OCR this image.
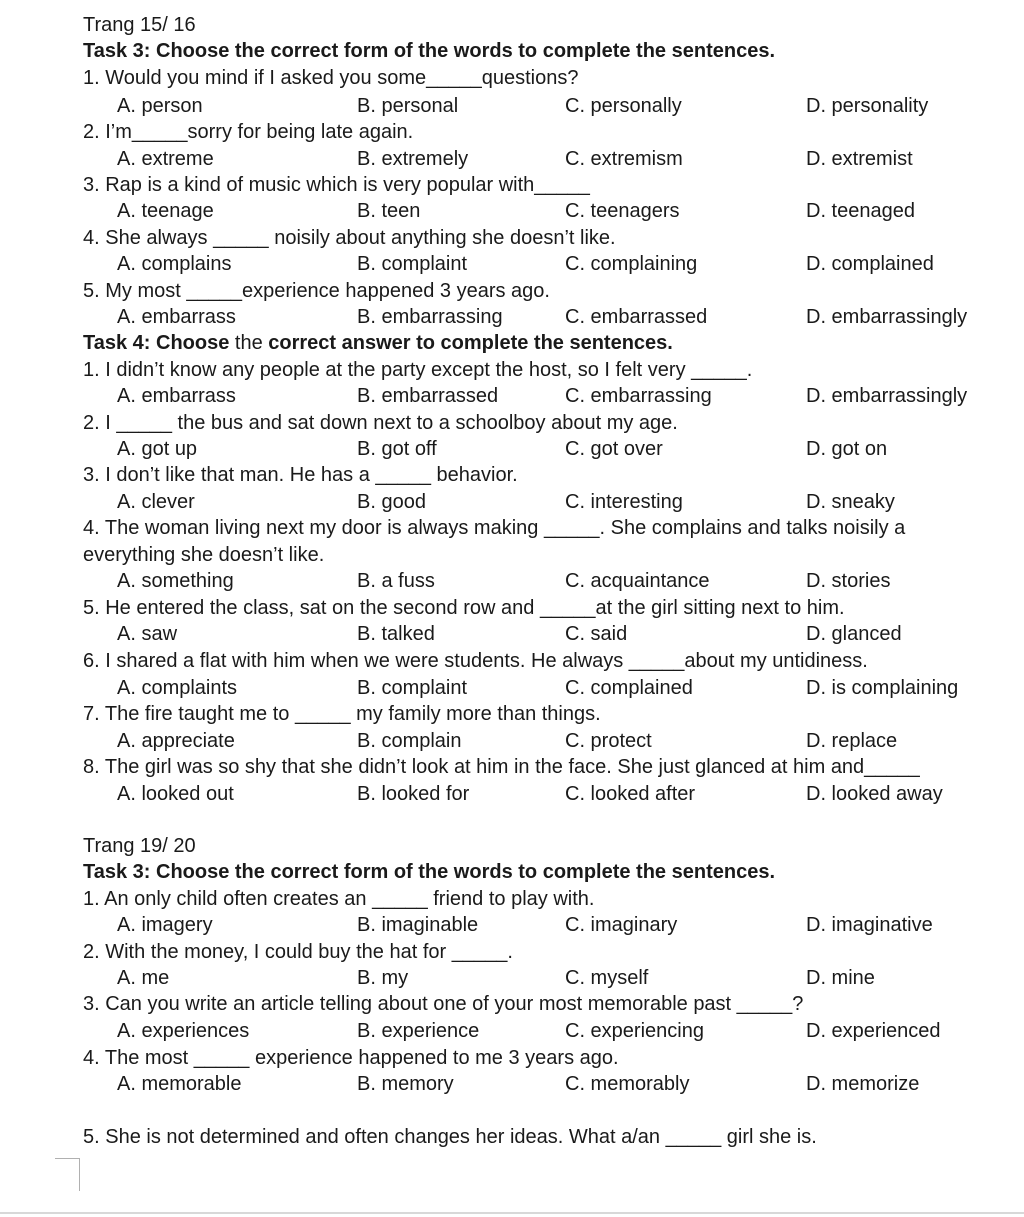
Trang 15/ 16
Task 3: Choose the correct form of the words to complete the sentences.
1. Would you mind if I asked you some_____questions?
A. person	B. personal	C. personally	D. personality
2. I’m_____sorry for being late again.
A. extreme	B. extremely	C. extremism	D. extremist
3. Rap is a kind of music which is very popular with_____
A. teenage	B. teen	C. teenagers	D. teenaged
4. She always _____ noisily about anything she doesn’t like.
A. complains	B. complaint	C. complaining	D. complained
5. My most _____experience happened 3 years ago.
A. embarrass	B. embarrassing	C. embarrassed	D. embarrassingly
Task 4: Choose the correct answer to complete the sentences.
1. I didn’t know any people at the party except the host, so I felt very _____.
A. embarrass	B. embarrassed	C. embarrassing	D. embarrassingly
2. I _____ the bus and sat down next to a schoolboy about my age.
A. got up	B. got off	C. got over	D. got on
3. I don’t like that man. He has a _____ behavior.
A. clever	B. good	C. interesting	D. sneaky
4. The woman living next my door is always making _____. She complains and talks noisily a
everything she doesn’t like.
A. something	B. a fuss	C. acquaintance	D. stories
5. He entered the class, sat on the second row and _____at the girl sitting next to him.
A. saw	B. talked	C. said	D. glanced
6. I shared a flat with him when we were students. He always _____about my untidiness.
A. complaints	B. complaint	C. complained	D. is complaining
7. The fire taught me to _____ my family more than things.
A. appreciate	B. complain	C. protect	D. replace
8. The girl was so shy that she didn’t look at him in the face. She just glanced at him and_____
A. looked out	B. looked for	C. looked after	D. looked away
Trang 19/ 20
Task 3: Choose the correct form of the words to complete the sentences.
1. An only child often creates an _____ friend to play with.
A. imagery	B. imaginable	C. imaginary	D. imaginative
2. With the money, I could buy the hat for _____.
A. me	B. my	C. myself	D. mine
3. Can you write an article telling about one of your most memorable past _____?
A. experiences	B. experience	C. experiencing	D. experienced
4. The most _____ experience happened to me 3 years ago.
A. memorable	B. memory	C. memorably	D. memorize
5. She is not determined and often changes her ideas. What a/an _____ girl she is.
